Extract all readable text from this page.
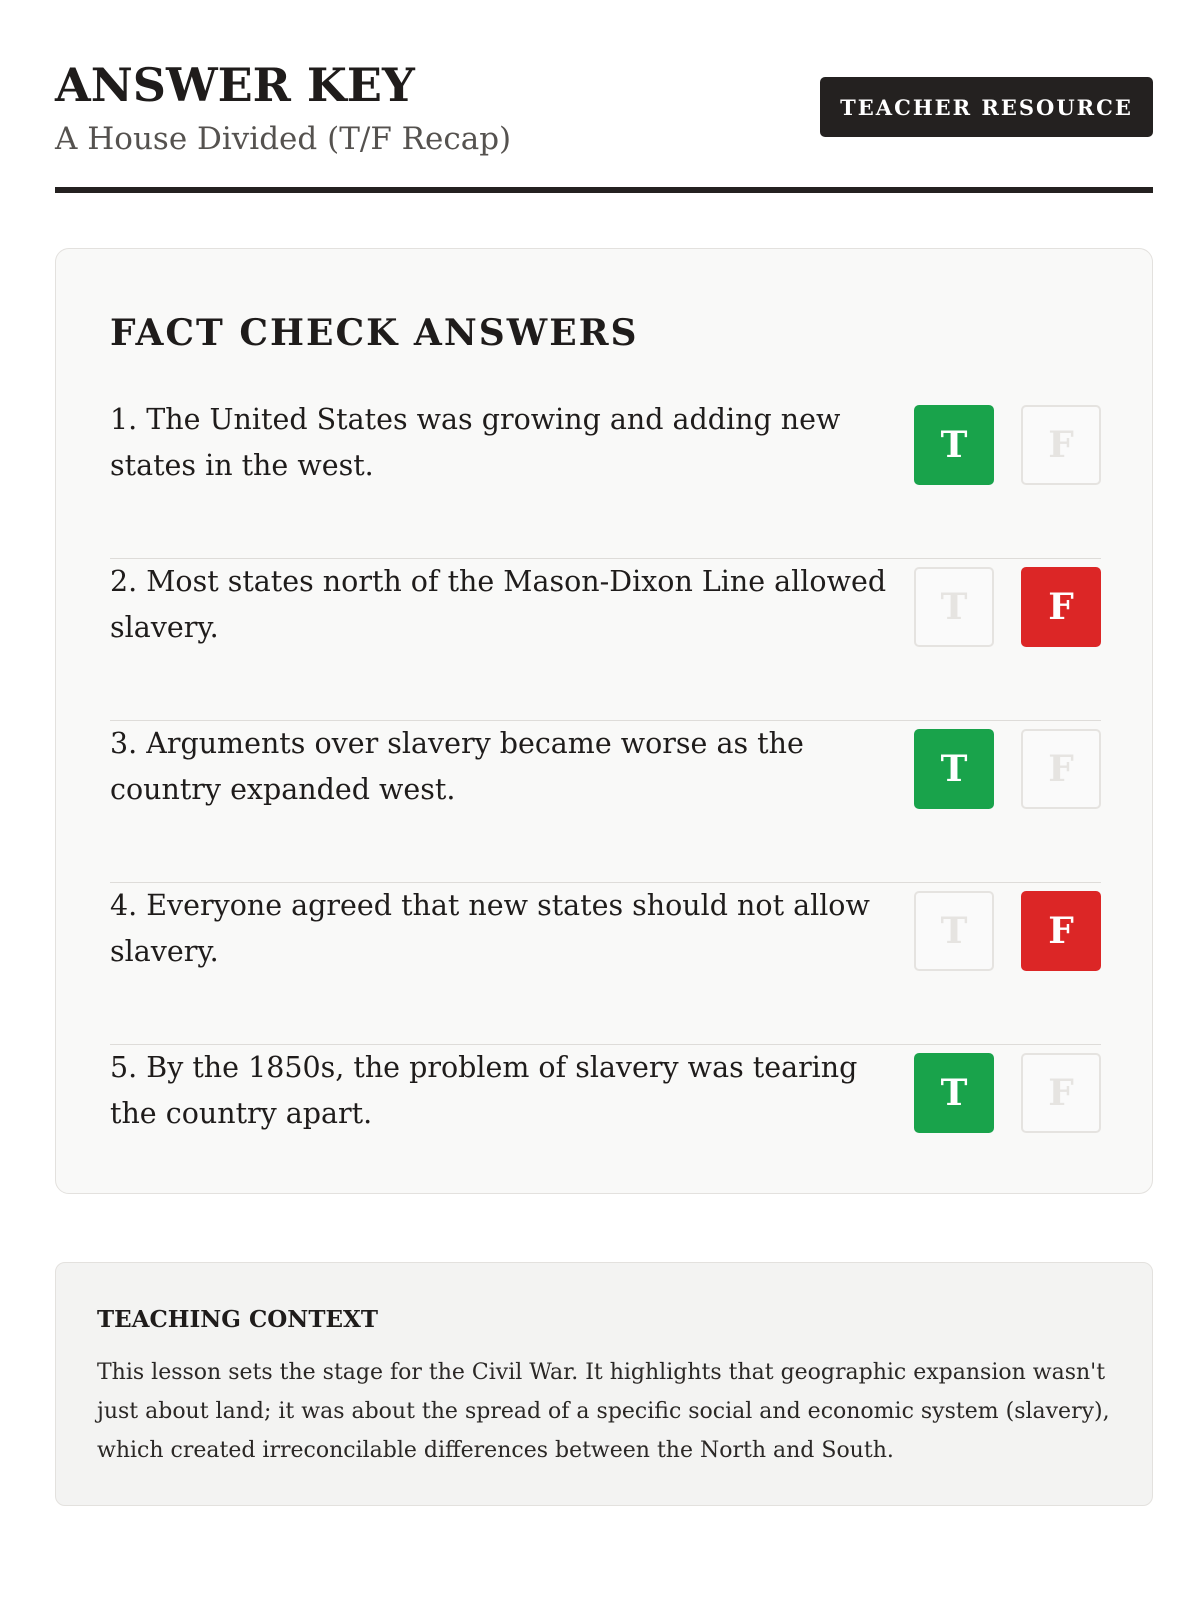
ANSWER KEY
A House Divided (T/F Recap)
TEACHER RESOURCE
FACT CHECK ANSWERS

1. The United States was growing and adding new states in the west.	T	F

2. Most states north of the Mason-Dixon Line allowed slavery.	T	F

3. Arguments over slavery became worse as the country expanded west.	T	F

4. Everyone agreed that new states should not allow slavery.	T	F

5. By the 1850s, the problem of slavery was tearing the country apart.	T	F
TEACHING CONTEXT

This lesson sets the stage for the Civil War. It highlights that geographic expansion wasn't just about land; it was about the spread of a specific social and economic system (slavery), which created irreconcilable differences between the North and South.
